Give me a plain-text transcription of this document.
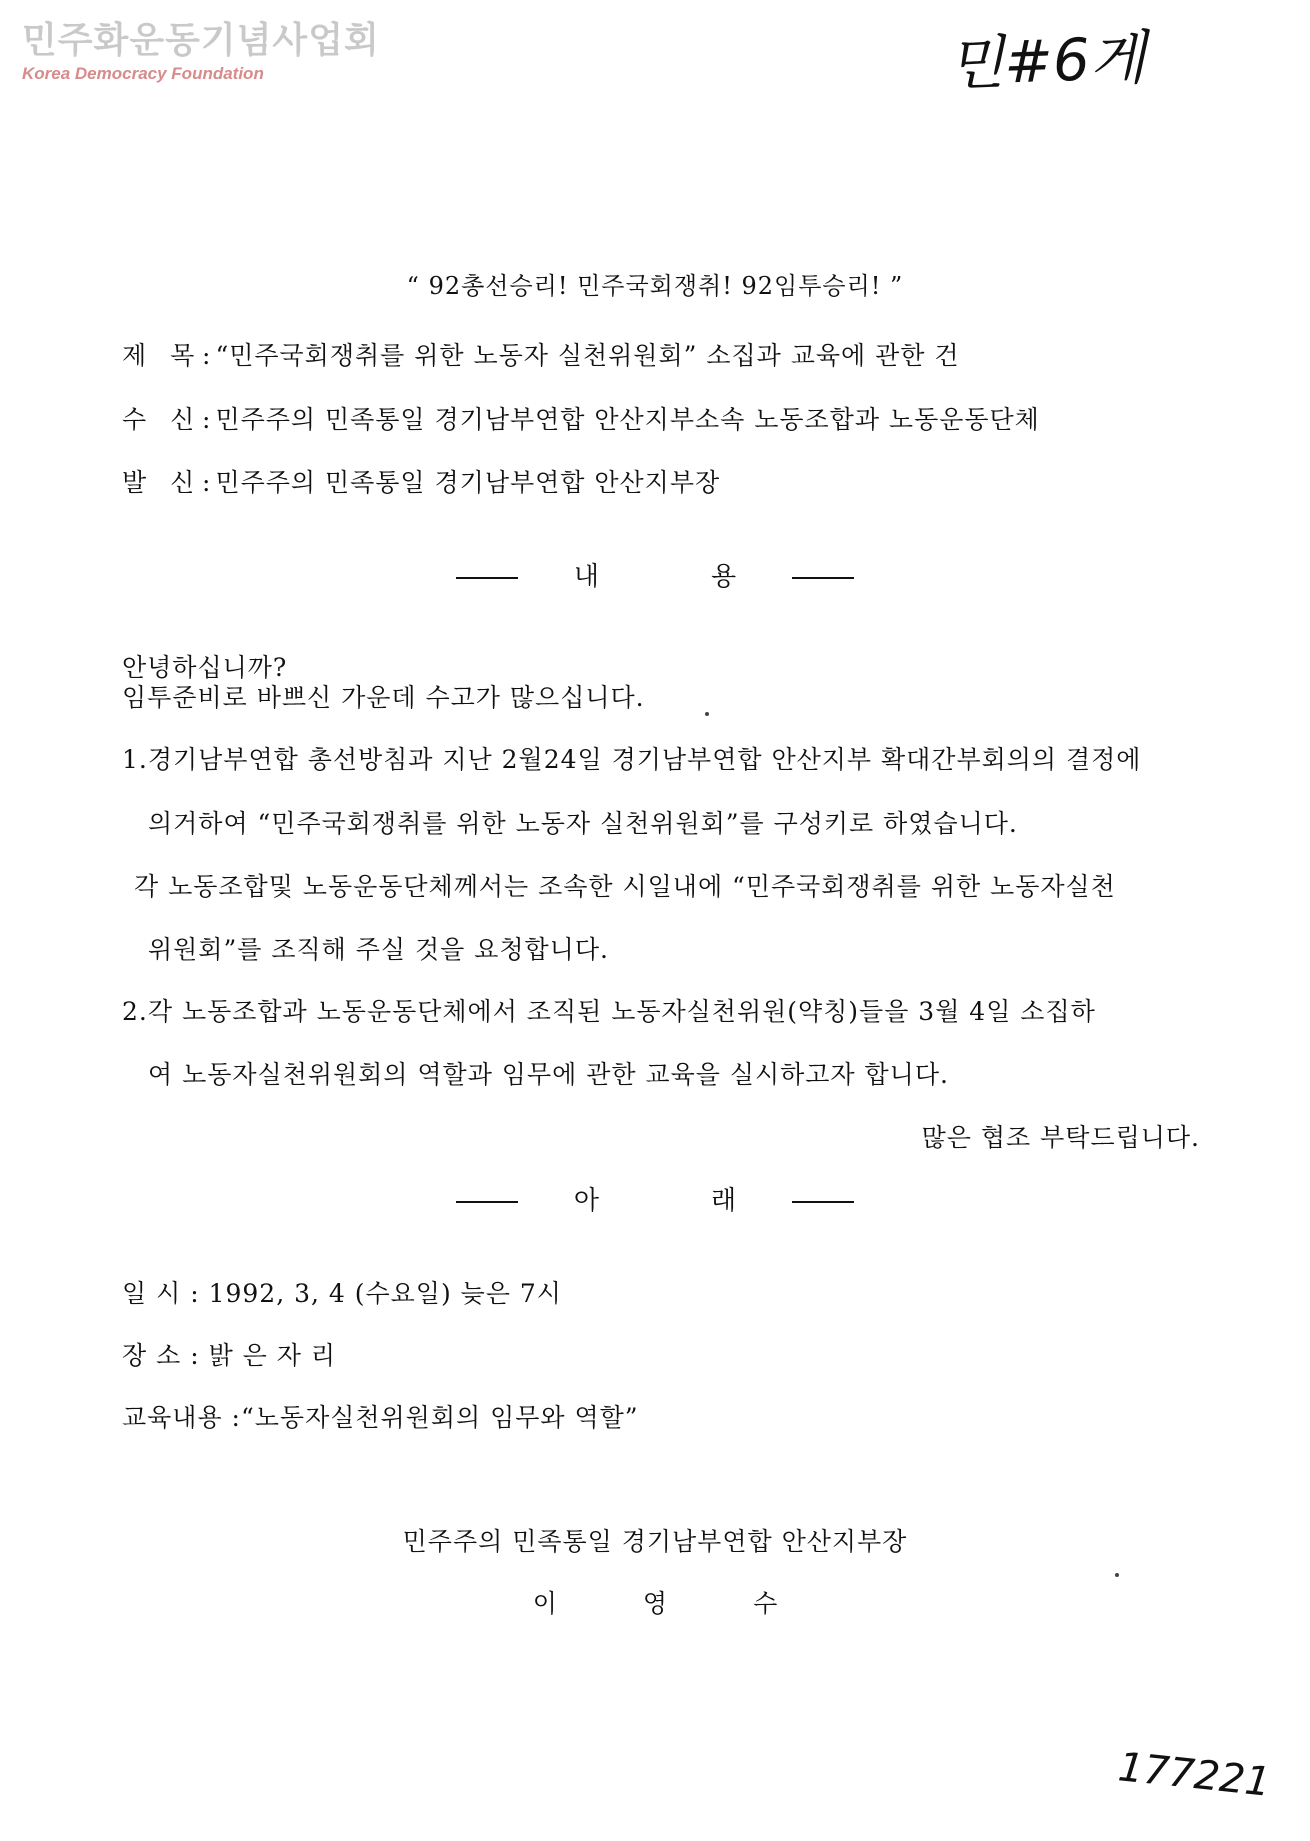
민주화운동기념사업회
Korea Democracy Foundation	민#6게
“ 92총선승리! 민주국회쟁취! 92임투승리! ”
제 목: “민주국회쟁취를 위한 노동자 실천위원회” 소집과 교육에 관한 건
수 신: 민주주의 민족통일 경기남부연합 안산지부소속 노동조합과 노동운동단체
발 신: 민주주의 민족통일 경기남부연합 안산지부장
내	용
안녕하십니까?
임투준비로 바쁘신 가운데 수고가 많으십니다.
1.경기남부연합 총선방침과 지난 2월24일 경기남부연합 안산지부 확대간부회의의 결정에
의거하여 “민주국회쟁취를 위한 노동자 실천위원회”를 구성키로 하였습니다.
각 노동조합및 노동운동단체께서는 조속한 시일내에 “민주국회쟁취를 위한 노동자실천
위원회”를 조직해 주실 것을 요청합니다.
2.각 노동조합과 노동운동단체에서 조직된 노동자실천위원(약칭)들을 3월 4일 소집하
여 노동자실천위원회의 역할과 임무에 관한 교육을 실시하고자 합니다.
많은 협조 부탁드립니다.
아	래
일 시 : 1992, 3, 4 (수요일) 늦은 7시
장 소 : 밝 은 자 리
교육내용 :“노동자실천위원회의 임무와 역할”
민주주의 민족통일 경기남부연합 안산지부장
이영수
177221
